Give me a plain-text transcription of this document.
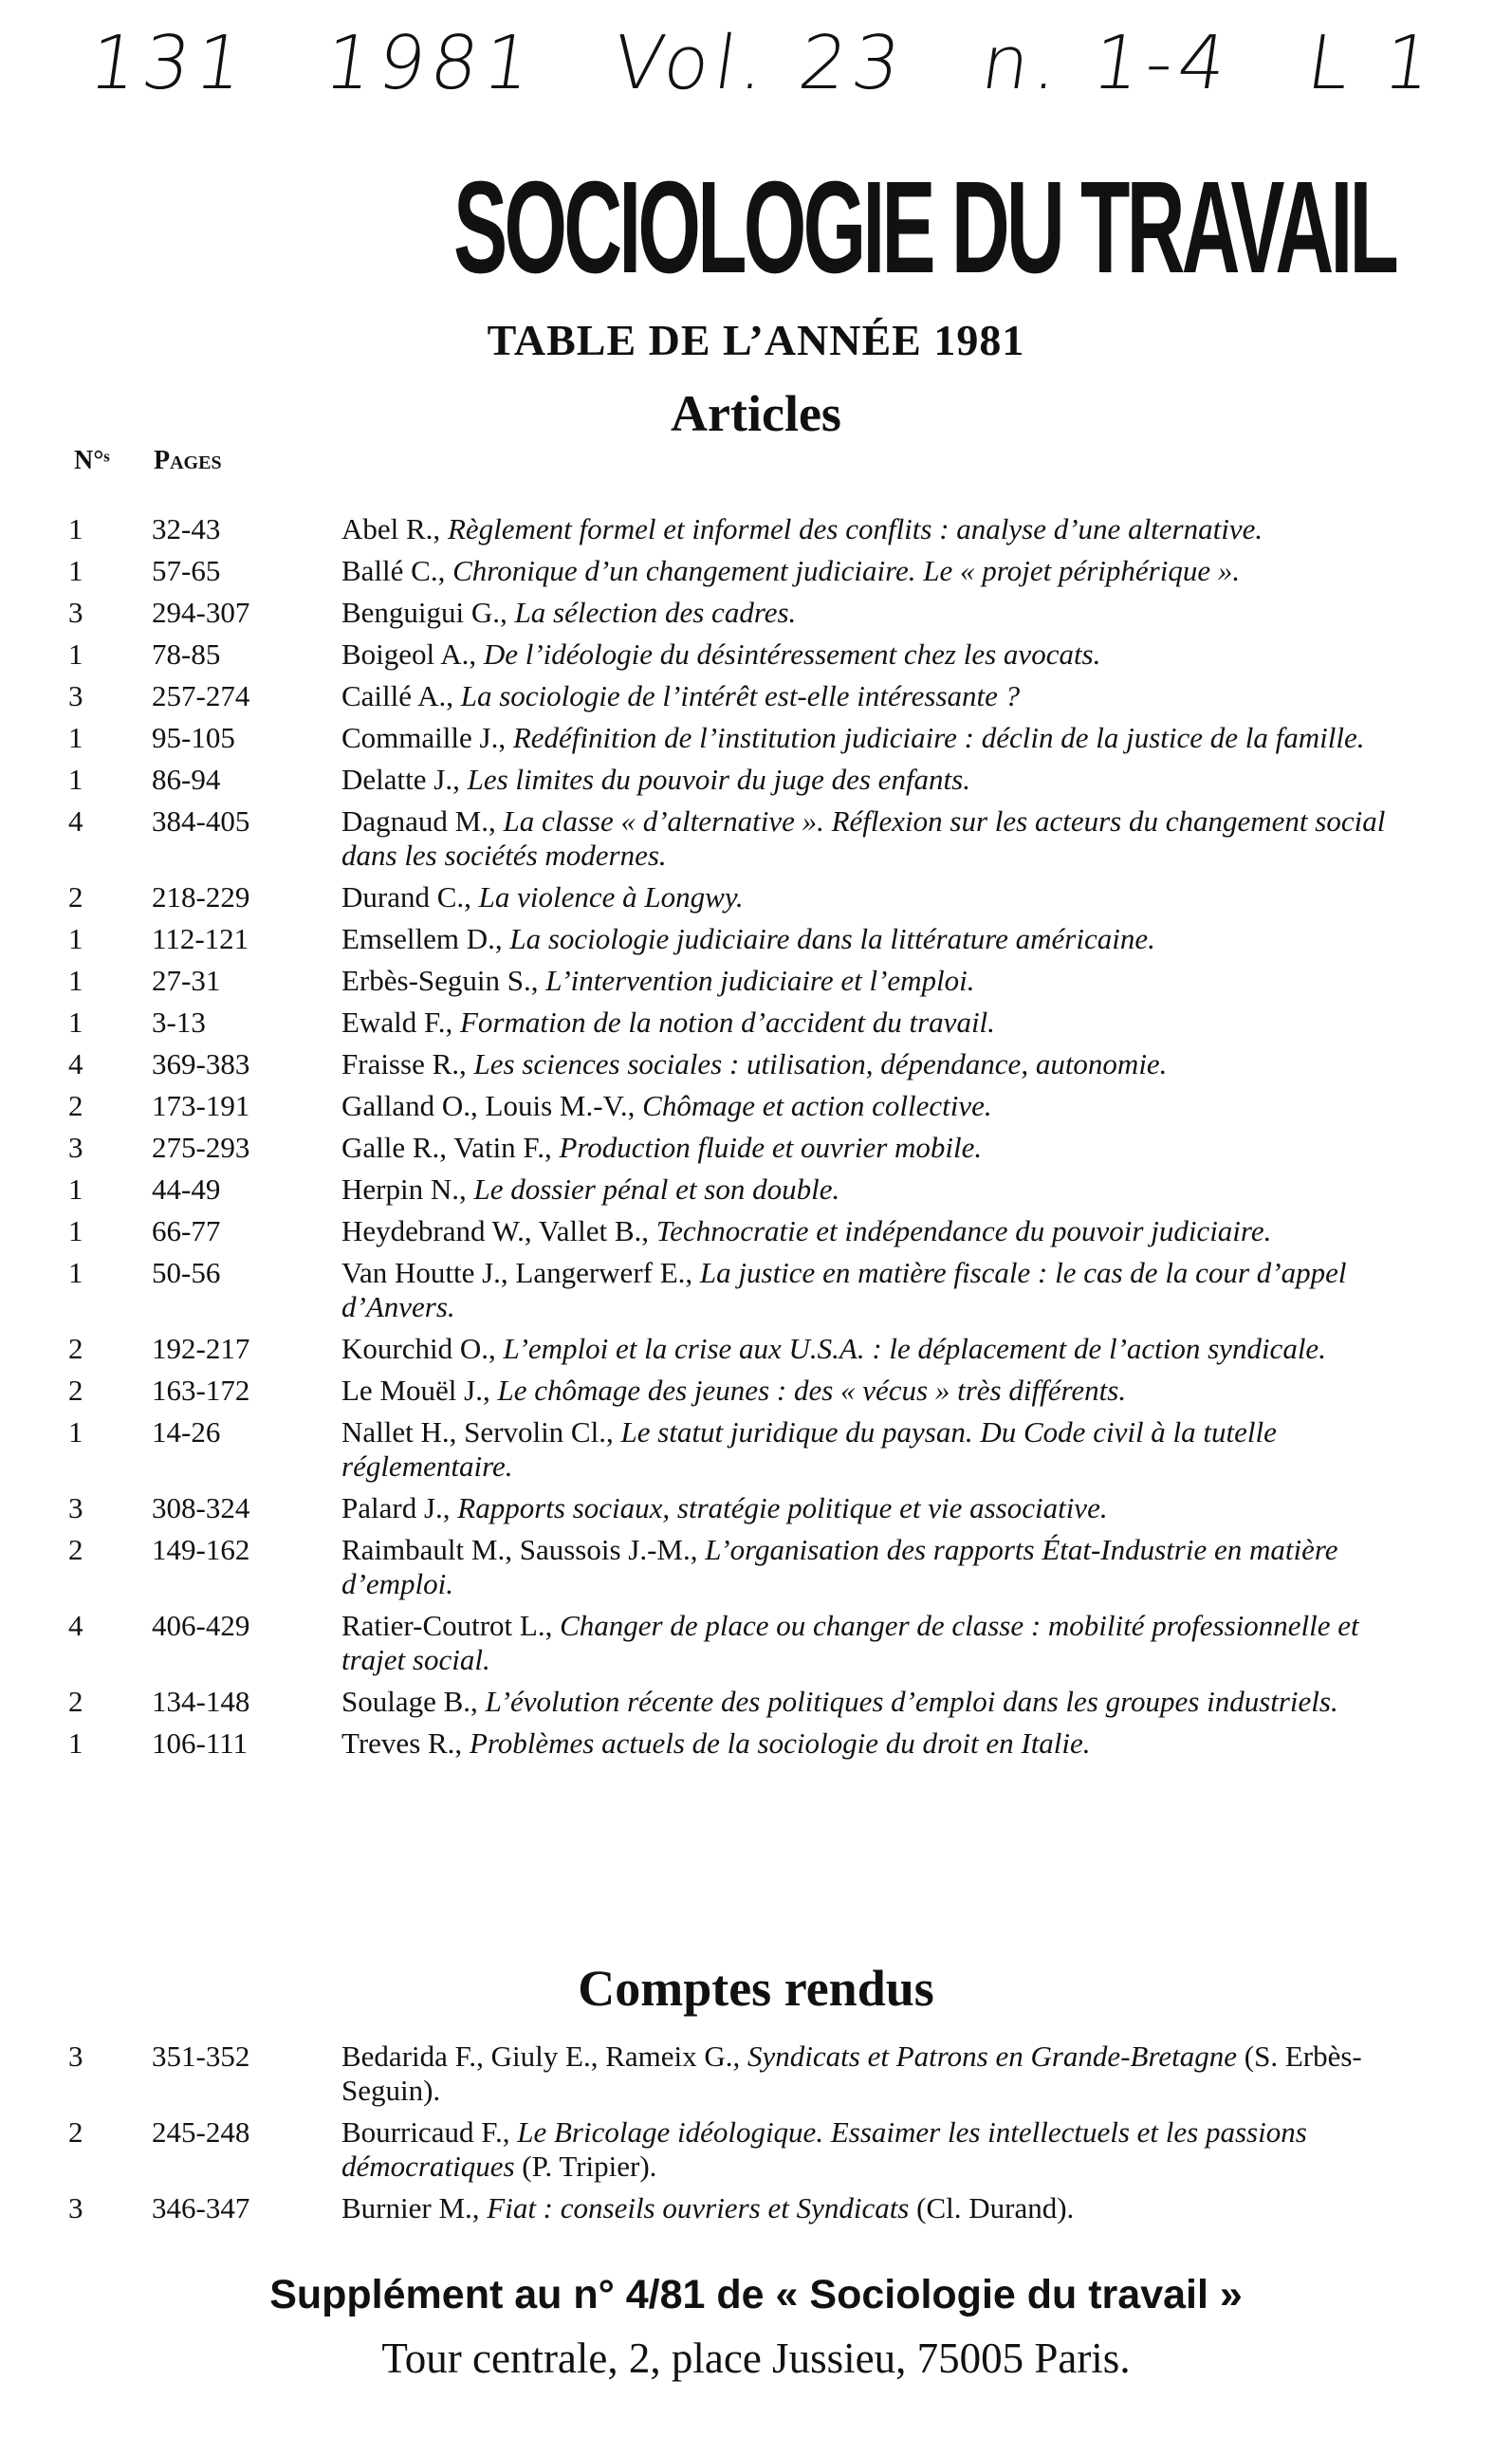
131 1981 Vol. 23 n. 1-4 L 1
SOCIOLOGIE DU TRAVAIL
TABLE DE L’ANNÉE 1981
Articles
N°ˢ Pages
1	32-43	Abel R., Règlement formel et informel des conflits : analyse d’une alternative.
1	57-65	Ballé C., Chronique d’un changement judiciaire. Le « projet périphérique ».
3	294-307	Benguigui G., La sélection des cadres.
1	78-85	Boigeol A., De l’idéologie du désintéressement chez les avocats.
3	257-274	Caillé A., La sociologie de l’intérêt est-elle intéressante ?
1	95-105	Commaille J., Redéfinition de l’institution judiciaire : déclin de la justice de la famille.
1	86-94	Delatte J., Les limites du pouvoir du juge des enfants.
4	384-405	Dagnaud M., La classe « d’alternative ». Réflexion sur les acteurs du changement social dans les sociétés modernes.
2	218-229	Durand C., La violence à Longwy.
1	112-121	Emsellem D., La sociologie judiciaire dans la littérature américaine.
1	27-31	Erbès-Seguin S., L’intervention judiciaire et l’emploi.
1	3-13	Ewald F., Formation de la notion d’accident du travail.
4	369-383	Fraisse R., Les sciences sociales : utilisation, dépendance, autonomie.
2	173-191	Galland O., Louis M.-V., Chômage et action collective.
3	275-293	Galle R., Vatin F., Production fluide et ouvrier mobile.
1	44-49	Herpin N., Le dossier pénal et son double.
1	66-77	Heydebrand W., Vallet B., Technocratie et indépendance du pouvoir judiciaire.
1	50-56	Van Houtte J., Langerwerf E., La justice en matière fiscale : le cas de la cour d’appel d’Anvers.
2	192-217	Kourchid O., L’emploi et la crise aux U.S.A. : le déplacement de l’action syndicale.
2	163-172	Le Mouël J., Le chômage des jeunes : des « vécus » très différents.
1	14-26	Nallet H., Servolin Cl., Le statut juridique du paysan. Du Code civil à la tutelle réglementaire.
3	308-324	Palard J., Rapports sociaux, stratégie politique et vie associative.
2	149-162	Raimbault M., Saussois J.-M., L’organisation des rapports État-Industrie en matière d’emploi.
4	406-429	Ratier-Coutrot L., Changer de place ou changer de classe : mobilité professionnelle et trajet social.
2	134-148	Soulage B., L’évolution récente des politiques d’emploi dans les groupes industriels.
1	106-111	Treves R., Problèmes actuels de la sociologie du droit en Italie.
Comptes rendus
3	351-352	Bedarida F., Giuly E., Rameix G., Syndicats et Patrons en Grande-Bretagne (S. Erbès-Seguin).
2	245-248	Bourricaud F., Le Bricolage idéologique. Essaimer les intellectuels et les passions démocratiques (P. Tripier).
3	346-347	Burnier M., Fiat : conseils ouvriers et Syndicats (Cl. Durand).
Supplément au n° 4/81 de « Sociologie du travail »
Tour centrale, 2, place Jussieu, 75005 Paris.
